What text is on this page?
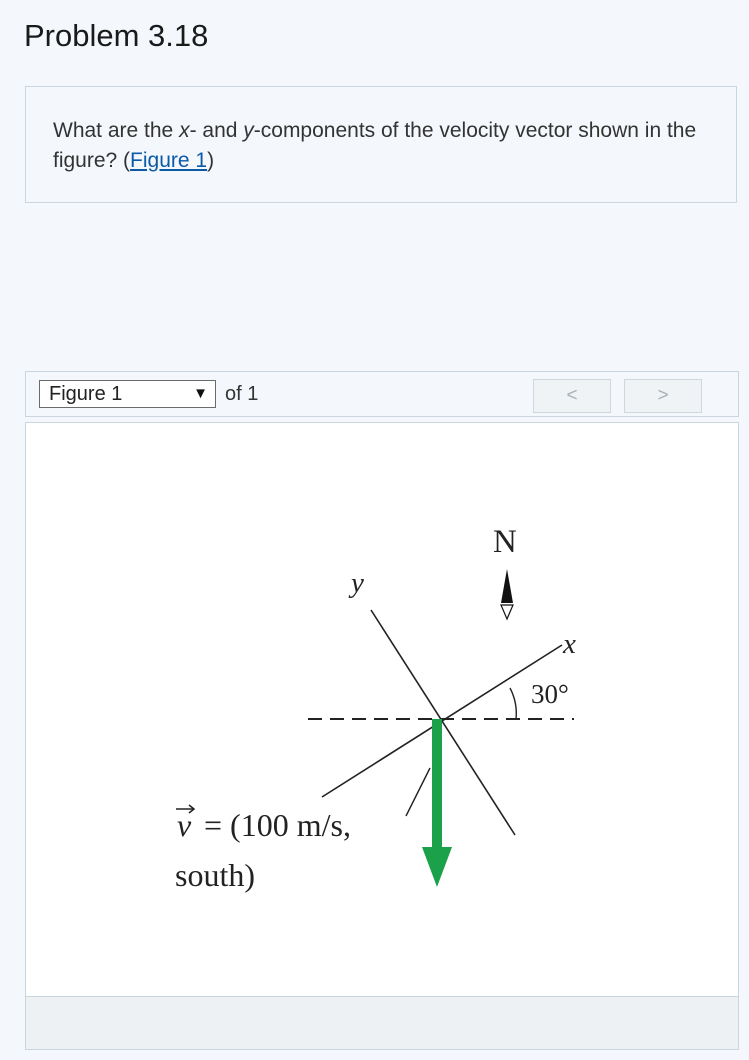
Problem 3.18
What are the x- and y-components of the velocity vector shown in the figure? (Figure 1)
Figure 1	▼ of 1	<	>
N
y
x
30°
v = (100 m/s,
south)
